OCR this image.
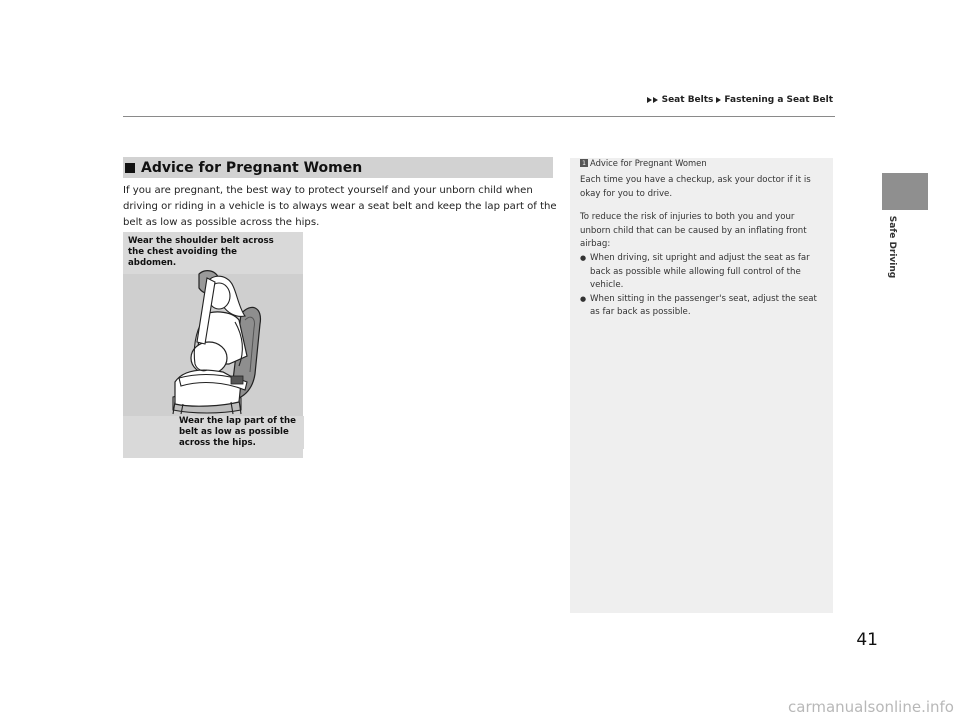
Seat Belts Fastening a Seat Belt
Safe Driving
Advice for Pregnant Women
If you are pregnant, the best way to protect yourself and your unborn child when driving or riding in a vehicle is to always wear a seat belt and keep the lap part of the belt as low as possible across the hips.
Wear the shoulder belt across the chest avoiding the abdomen.
Wear the lap part of the belt as low as possible across the hips.
1 Advice for Pregnant Women

Each time you have a checkup, ask your doctor if it is okay for you to drive.

To reduce the risk of injuries to both you and your unborn child that can be caused by an inflating front airbag:

● When driving, sit upright and adjust the seat as far back as possible while allowing full control of the vehicle.
● When sitting in the passenger's seat, adjust the seat as far back as possible.
41
carmanualsonline.info
